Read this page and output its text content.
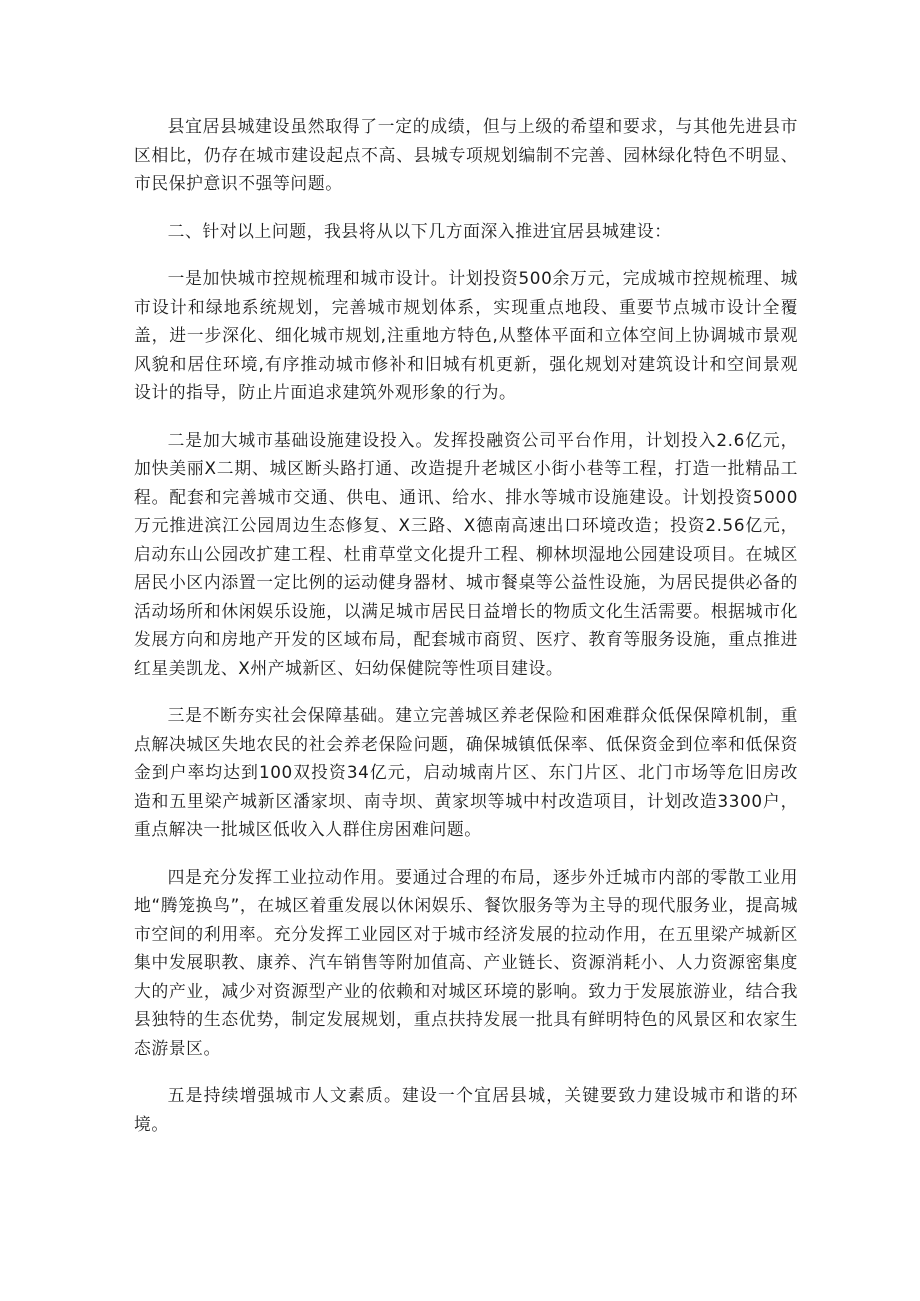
县宜居县城建设虽然取得了一定的成绩，但与上级的希望和要求，与其他先进县市区相比，仍存在城市建设起点不高、县城专项规划编制不完善、园林绿化特色不明显、市民保护意识不强等问题。

二、针对以上问题，我县将从以下几方面深入推进宜居县城建设：

一是加快城市控规梳理和城市设计。计划投资500余万元，完成城市控规梳理、城市设计和绿地系统规划，完善城市规划体系，实现重点地段、重要节点城市设计全覆盖，进一步深化、细化城市规划,注重地方特色,从整体平面和立体空间上协调城市景观风貌和居住环境,有序推动城市修补和旧城有机更新，强化规划对建筑设计和空间景观设计的指导，防止片面追求建筑外观形象的行为。

二是加大城市基础设施建设投入。发挥投融资公司平台作用，计划投入2.6亿元，加快美丽X二期、城区断头路打通、改造提升老城区小街小巷等工程，打造一批精品工程。配套和完善城市交通、供电、通讯、给水、排水等城市设施建设。计划投资5000万元推进滨江公园周边生态修复、X三路、X德南高速出口环境改造；投资2.56亿元，启动东山公园改扩建工程、杜甫草堂文化提升工程、柳林坝湿地公园建设项目。在城区居民小区内添置一定比例的运动健身器材、城市餐桌等公益性设施，为居民提供必备的活动场所和休闲娱乐设施，以满足城市居民日益增长的物质文化生活需要。根据城市化发展方向和房地产开发的区域布局，配套城市商贸、医疗、教育等服务设施，重点推进红星美凯龙、X州产城新区、妇幼保健院等性项目建设。

三是不断夯实社会保障基础。建立完善城区养老保险和困难群众低保保障机制，重点解决城区失地农民的社会养老保险问题，确保城镇低保率、低保资金到位率和低保资金到户率均达到100双投资34亿元，启动城南片区、东门片区、北门市场等危旧房改造和五里梁产城新区潘家坝、南寺坝、黄家坝等城中村改造项目，计划改造3300户，重点解决一批城区低收入人群住房困难问题。

四是充分发挥工业拉动作用。要通过合理的布局，逐步外迁城市内部的零散工业用地“腾笼换鸟”，在城区着重发展以休闲娱乐、餐饮服务等为主导的现代服务业，提高城市空间的利用率。充分发挥工业园区对于城市经济发展的拉动作用，在五里梁产城新区集中发展职教、康养、汽车销售等附加值高、产业链长、资源消耗小、人力资源密集度大的产业，减少对资源型产业的依赖和对城区环境的影响。致力于发展旅游业，结合我县独特的生态优势，制定发展规划，重点扶持发展一批具有鲜明特色的风景区和农家生态游景区。

五是持续增强城市人文素质。建设一个宜居县城，关键要致力建设城市和谐的环境。
